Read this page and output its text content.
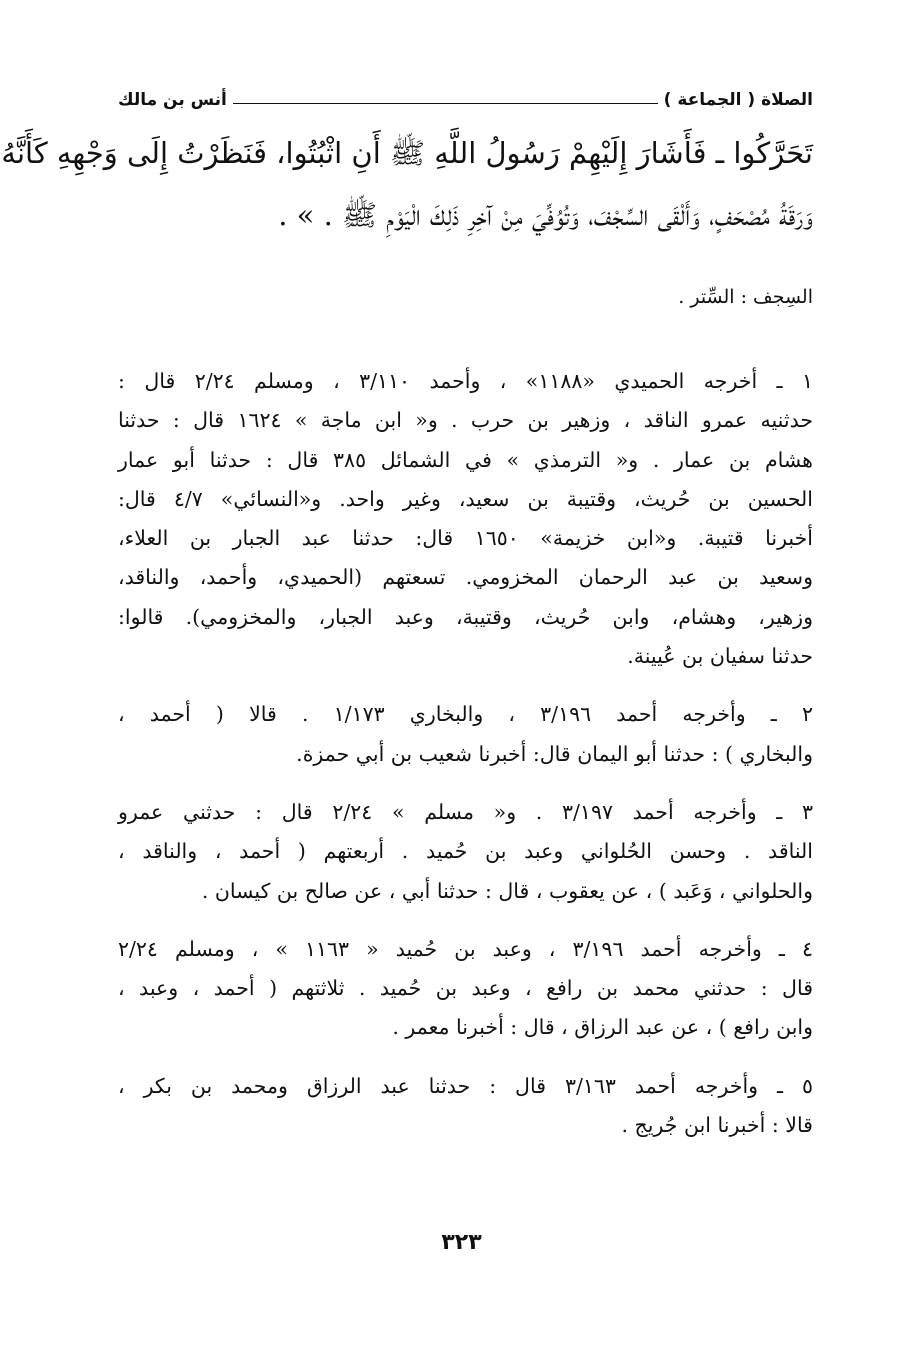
الصلاة ( الجماعة )
أنس بن مالك
تَحَرَّكُوا ـ فَأَشَارَ إِلَيْهِمْ رَسُولُ اللَّهِ ﷺ أَنِ اثْبُتُوا، فَنَظَرْتُ إِلَى وَجْهِهِ كَأَنَّهُ
وَرَقَةُ مُصْحَفٍ، وَأَلْقَى السِّجْفَ، وَتُوُفِّيَ مِنْ آخِرِ ذَلِكَ الْيَوْمِ ﷺ . » .
السِجف : السِّتر .
١ ـ أخرجه الحميدي «١١٨٨» ، وأحمد ٣/١١٠ ، ومسلم ٢/٢٤ قال :
حدثنيه عمرو الناقد ، وزهير بن حرب . و« ابن ماجة » ١٦٢٤ قال : حدثنا
هشام بن عمار . و« الترمذي » في الشمائل ٣٨٥ قال : حدثنا أبو عمار
الحسين بن حُريث، وقتيبة بن سعيد، وغير واحد. و«النسائي» ٤/٧ قال:
أخبرنا قتيبة. و«ابن خزيمة» ١٦٥٠ قال: حدثنا عبد الجبار بن العلاء،
وسعيد بن عبد الرحمان المخزومي. تسعتهم (الحميدي، وأحمد، والناقد،
وزهير، وهشام، وابن حُريث، وقتيبة، وعبد الجبار، والمخزومي). قالوا:
حدثنا سفيان بن عُيينة.
٢ ـ وأخرجه أحمد ٣/١٩٦ ، والبخاري ١/١٧٣ . قالا ( أحمد ،
والبخاري ) : حدثنا أبو اليمان قال: أخبرنا شعيب بن أبي حمزة.
٣ ـ وأخرجه أحمد ٣/١٩٧ . و« مسلم » ٢/٢٤ قال : حدثني عمرو
الناقد . وحسن الحُلواني وعبد بن حُميد . أربعتهم ( أحمد ، والناقد ،
والحلواني ، وَعَبد ) ، عن يعقوب ، قال : حدثنا أبي ، عن صالح بن كيسان .
٤ ـ وأخرجه أحمد ٣/١٩٦ ، وعبد بن حُميد « ١١٦٣ » ، ومسلم ٢/٢٤
قال : حدثني محمد بن رافع ، وعبد بن حُميد . ثلاثتهم ( أحمد ، وعبد ،
وابن رافع ) ، عن عبد الرزاق ، قال : أخبرنا معمر .
٥ ـ وأخرجه أحمد ٣/١٦٣ قال : حدثنا عبد الرزاق ومحمد بن بكر ،
قالا : أخبرنا ابن جُريج .
٣٢٣
